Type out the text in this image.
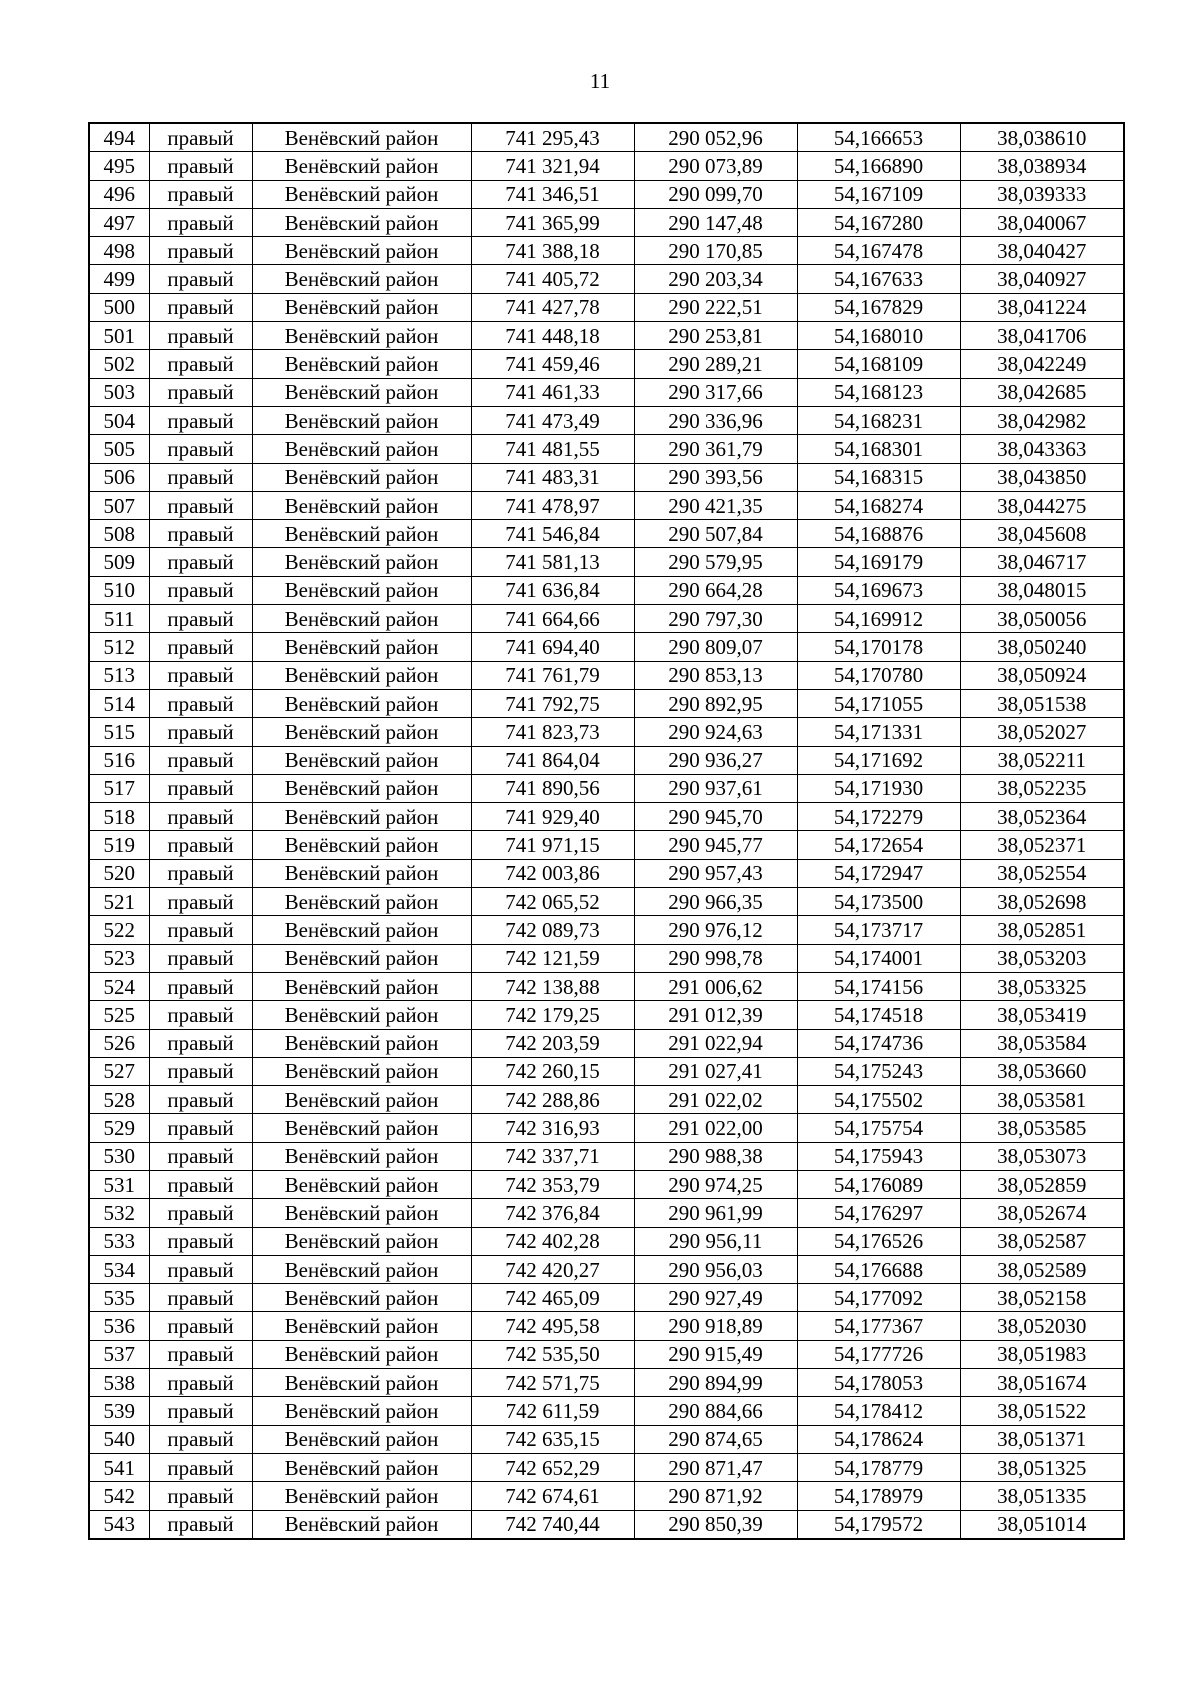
11
494	правый	Венёвский район	741 295,43	290 052,96	54,166653	38,038610
495	правый	Венёвский район	741 321,94	290 073,89	54,166890	38,038934
496	правый	Венёвский район	741 346,51	290 099,70	54,167109	38,039333
497	правый	Венёвский район	741 365,99	290 147,48	54,167280	38,040067
498	правый	Венёвский район	741 388,18	290 170,85	54,167478	38,040427
499	правый	Венёвский район	741 405,72	290 203,34	54,167633	38,040927
500	правый	Венёвский район	741 427,78	290 222,51	54,167829	38,041224
501	правый	Венёвский район	741 448,18	290 253,81	54,168010	38,041706
502	правый	Венёвский район	741 459,46	290 289,21	54,168109	38,042249
503	правый	Венёвский район	741 461,33	290 317,66	54,168123	38,042685
504	правый	Венёвский район	741 473,49	290 336,96	54,168231	38,042982
505	правый	Венёвский район	741 481,55	290 361,79	54,168301	38,043363
506	правый	Венёвский район	741 483,31	290 393,56	54,168315	38,043850
507	правый	Венёвский район	741 478,97	290 421,35	54,168274	38,044275
508	правый	Венёвский район	741 546,84	290 507,84	54,168876	38,045608
509	правый	Венёвский район	741 581,13	290 579,95	54,169179	38,046717
510	правый	Венёвский район	741 636,84	290 664,28	54,169673	38,048015
511	правый	Венёвский район	741 664,66	290 797,30	54,169912	38,050056
512	правый	Венёвский район	741 694,40	290 809,07	54,170178	38,050240
513	правый	Венёвский район	741 761,79	290 853,13	54,170780	38,050924
514	правый	Венёвский район	741 792,75	290 892,95	54,171055	38,051538
515	правый	Венёвский район	741 823,73	290 924,63	54,171331	38,052027
516	правый	Венёвский район	741 864,04	290 936,27	54,171692	38,052211
517	правый	Венёвский район	741 890,56	290 937,61	54,171930	38,052235
518	правый	Венёвский район	741 929,40	290 945,70	54,172279	38,052364
519	правый	Венёвский район	741 971,15	290 945,77	54,172654	38,052371
520	правый	Венёвский район	742 003,86	290 957,43	54,172947	38,052554
521	правый	Венёвский район	742 065,52	290 966,35	54,173500	38,052698
522	правый	Венёвский район	742 089,73	290 976,12	54,173717	38,052851
523	правый	Венёвский район	742 121,59	290 998,78	54,174001	38,053203
524	правый	Венёвский район	742 138,88	291 006,62	54,174156	38,053325
525	правый	Венёвский район	742 179,25	291 012,39	54,174518	38,053419
526	правый	Венёвский район	742 203,59	291 022,94	54,174736	38,053584
527	правый	Венёвский район	742 260,15	291 027,41	54,175243	38,053660
528	правый	Венёвский район	742 288,86	291 022,02	54,175502	38,053581
529	правый	Венёвский район	742 316,93	291 022,00	54,175754	38,053585
530	правый	Венёвский район	742 337,71	290 988,38	54,175943	38,053073
531	правый	Венёвский район	742 353,79	290 974,25	54,176089	38,052859
532	правый	Венёвский район	742 376,84	290 961,99	54,176297	38,052674
533	правый	Венёвский район	742 402,28	290 956,11	54,176526	38,052587
534	правый	Венёвский район	742 420,27	290 956,03	54,176688	38,052589
535	правый	Венёвский район	742 465,09	290 927,49	54,177092	38,052158
536	правый	Венёвский район	742 495,58	290 918,89	54,177367	38,052030
537	правый	Венёвский район	742 535,50	290 915,49	54,177726	38,051983
538	правый	Венёвский район	742 571,75	290 894,99	54,178053	38,051674
539	правый	Венёвский район	742 611,59	290 884,66	54,178412	38,051522
540	правый	Венёвский район	742 635,15	290 874,65	54,178624	38,051371
541	правый	Венёвский район	742 652,29	290 871,47	54,178779	38,051325
542	правый	Венёвский район	742 674,61	290 871,92	54,178979	38,051335
543	правый	Венёвский район	742 740,44	290 850,39	54,179572	38,051014
